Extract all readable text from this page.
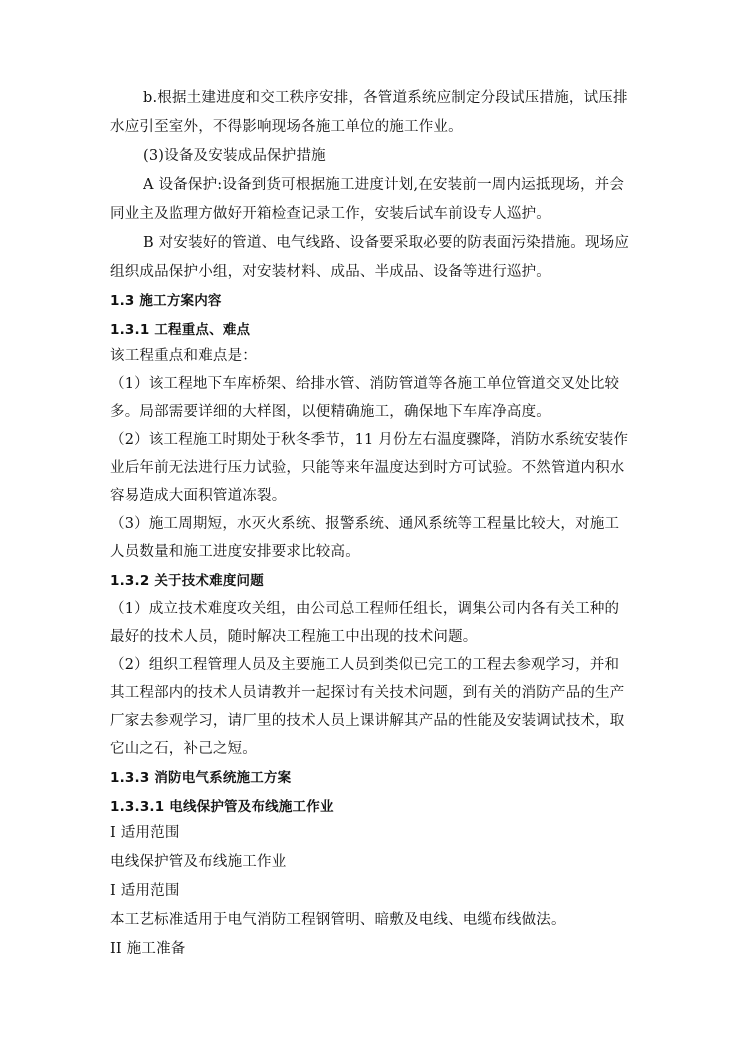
b.根据土建进度和交工秩序安排，各管道系统应制定分段试压措施，试压排
水应引至室外，不得影响现场各施工单位的施工作业。
(3)设备及安装成品保护措施
A 设备保护:设备到货可根据施工进度计划,在安装前一周内运抵现场，并会
同业主及监理方做好开箱检查记录工作，安装后试车前设专人巡护。
B 对安装好的管道、电气线路、设备要采取必要的防表面污染措施。现场应
组织成品保护小组，对安装材料、成品、半成品、设备等进行巡护。
1.3 施工方案内容
1.3.1 工程重点、难点
该工程重点和难点是：
（1）该工程地下车库桥架、给排水管、消防管道等各施工单位管道交叉处比较
多。局部需要详细的大样图，以便精确施工，确保地下车库净高度。
（2）该工程施工时期处于秋冬季节，11 月份左右温度骤降，消防水系统安装作
业后年前无法进行压力试验，只能等来年温度达到时方可试验。不然管道内积水
容易造成大面积管道冻裂。
（3）施工周期短，水灭火系统、报警系统、通风系统等工程量比较大，对施工
人员数量和施工进度安排要求比较高。
1.3.2 关于技术难度问题
（1）成立技术难度攻关组，由公司总工程师任组长，调集公司内各有关工种的
最好的技术人员，随时解决工程施工中出现的技术问题。
（2）组织工程管理人员及主要施工人员到类似已完工的工程去参观学习，并和
其工程部内的技术人员请教并一起探讨有关技术问题，到有关的消防产品的生产
厂家去参观学习，请厂里的技术人员上课讲解其产品的性能及安装调试技术，取
它山之石，补己之短。
1.3.3 消防电气系统施工方案
1.3.3.1 电线保护管及布线施工作业
I 适用范围
电线保护管及布线施工作业
I 适用范围
本工艺标准适用于电气消防工程钢管明、暗敷及电线、电缆布线做法。
II 施工准备
